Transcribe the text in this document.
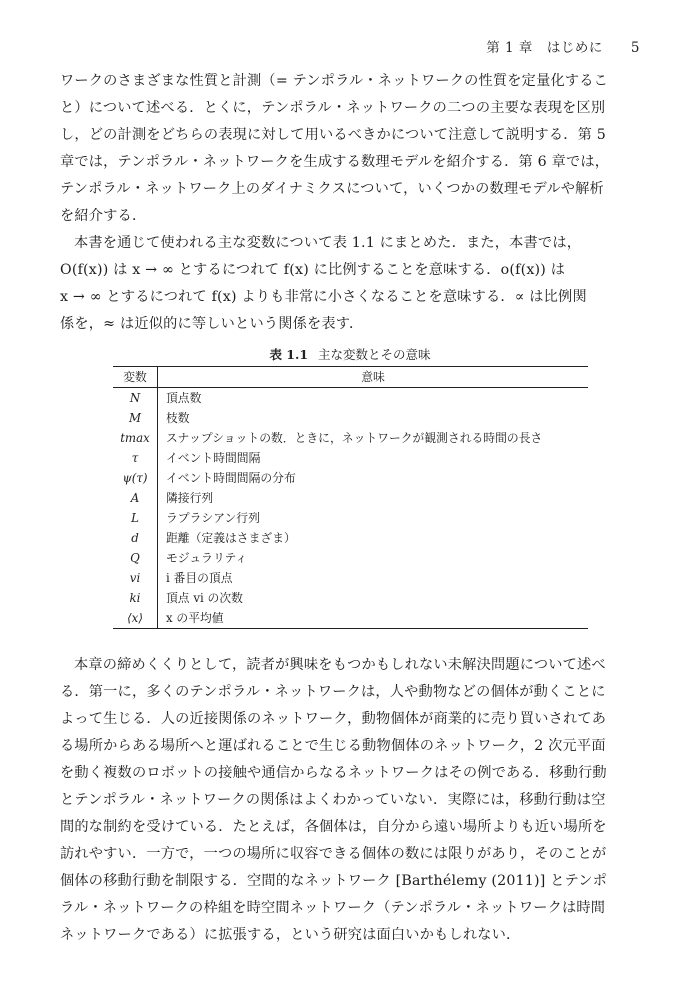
第 1 章 はじめに 5

ワークのさまざまな性質と計測（= テンポラル・ネットワークの性質を定量化するこ
と）について述べる．とくに，テンポラル・ネットワークの二つの主要な表現を区別
し，どの計測をどちらの表現に対して用いるべきかについて注意して説明する．第 5
章では，テンポラル・ネットワークを生成する数理モデルを紹介する．第 6 章では，
テンポラル・ネットワーク上のダイナミクスについて，いくつかの数理モデルや解析
を紹介する．

本書を通じて使われる主な変数について表 1.1 にまとめた．また，本書では，
O(f(x)) は x → ∞ とするにつれて f(x) に比例することを意味する．o(f(x)) は
x → ∞ とするにつれて f(x) よりも非常に小さくなることを意味する．∝ は比例関
係を，≈ は近似的に等しいという関係を表す．

表 1.1 主な変数とその意味
変数	意味
N	頂点数
M	枝数
tmax	スナップショットの数．ときに，ネットワークが観測される時間の長さ
τ	イベント時間間隔
ψ(τ)	イベント時間間隔の分布
A	隣接行列
L	ラプラシアン行列
d	距離（定義はさまざま）
Q	モジュラリティ
vi	i 番目の頂点
ki	頂点 vi の次数
⟨x⟩	x の平均値

本章の締めくくりとして，読者が興味をもつかもしれない未解決問題について述べ
る．第一に，多くのテンポラル・ネットワークは，人や動物などの個体が動くことに
よって生じる．人の近接関係のネットワーク，動物個体が商業的に売り買いされてあ
る場所からある場所へと運ばれることで生じる動物個体のネットワーク，2 次元平面
を動く複数のロボットの接触や通信からなるネットワークはその例である．移動行動
とテンポラル・ネットワークの関係はよくわかっていない．実際には，移動行動は空
間的な制約を受けている．たとえば，各個体は，自分から遠い場所よりも近い場所を
訪れやすい．一方で，一つの場所に収容できる個体の数には限りがあり，そのことが
個体の移動行動を制限する．空間的なネットワーク [Barthélemy (2011)] とテンポ
ラル・ネットワークの枠組を時空間ネットワーク（テンポラル・ネットワークは時間
ネットワークである）に拡張する，という研究は面白いかもしれない．
